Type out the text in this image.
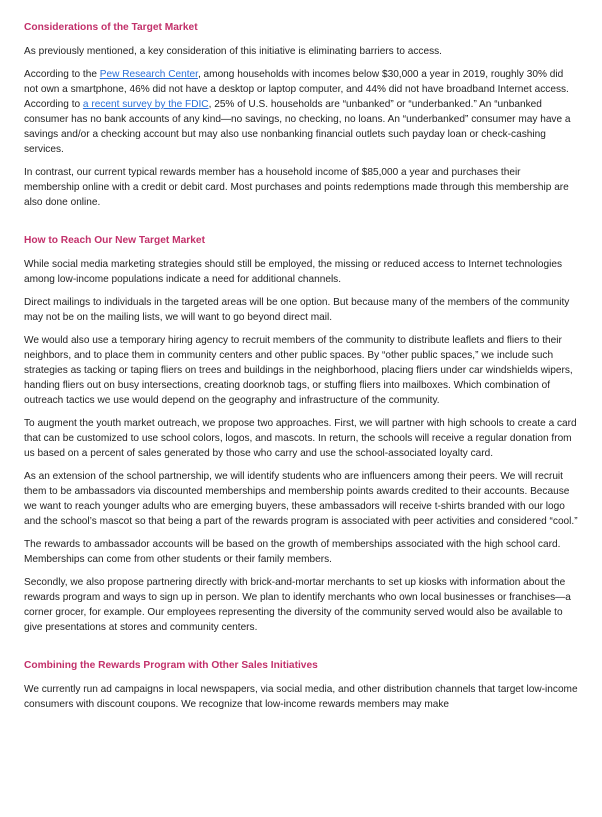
Considerations of the Target Market

As previously mentioned, a key consideration of this initiative is eliminating barriers to access.

According to the Pew Research Center, among households with incomes below $30,000 a year in 2019, roughly 30% did not own a smartphone, 46% did not have a desktop or laptop computer, and 44% did not have broadband Internet access. According to a recent survey by the FDIC, 25% of U.S. households are “unbanked” or “underbanked.” An “unbanked consumer has no bank accounts of any kind—no savings, no checking, no loans. An “underbanked” consumer may have a savings and/or a checking account but may also use nonbanking financial outlets such payday loan or check-cashing services.

In contrast, our current typical rewards member has a household income of $85,000 a year and purchases their membership online with a credit or debit card. Most purchases and points redemptions made through this membership are also done online.

How to Reach Our New Target Market

While social media marketing strategies should still be employed, the missing or reduced access to Internet technologies among low-income populations indicate a need for additional channels.

Direct mailings to individuals in the targeted areas will be one option. But because many of the members of the community may not be on the mailing lists, we will want to go beyond direct mail.

We would also use a temporary hiring agency to recruit members of the community to distribute leaflets and fliers to their neighbors, and to place them in community centers and other public spaces. By “other public spaces,” we include such strategies as tacking or taping fliers on trees and buildings in the neighborhood, placing fliers under car windshields wipers, handing fliers out on busy intersections, creating doorknob tags, or stuffing fliers into mailboxes. Which combination of outreach tactics we use would depend on the geography and infrastructure of the community.

To augment the youth market outreach, we propose two approaches. First, we will partner with high schools to create a card that can be customized to use school colors, logos, and mascots. In return, the schools will receive a regular donation from us based on a percent of sales generated by those who carry and use the school-associated loyalty card.

As an extension of the school partnership, we will identify students who are influencers among their peers. We will recruit them to be ambassadors via discounted memberships and membership points awards credited to their accounts. Because we want to reach younger adults who are emerging buyers, these ambassadors will receive t-shirts branded with our logo and the school’s mascot so that being a part of the rewards program is associated with peer activities and considered “cool.”

The rewards to ambassador accounts will be based on the growth of memberships associated with the high school card. Memberships can come from other students or their family members.

Secondly, we also propose partnering directly with brick-and-mortar merchants to set up kiosks with information about the rewards program and ways to sign up in person. We plan to identify merchants who own local businesses or franchises—a corner grocer, for example. Our employees representing the diversity of the community served would also be available to give presentations at stores and community centers.

Combining the Rewards Program with Other Sales Initiatives

We currently run ad campaigns in local newspapers, via social media, and other distribution channels that target low-income consumers with discount coupons. We recognize that low-income rewards members may make
